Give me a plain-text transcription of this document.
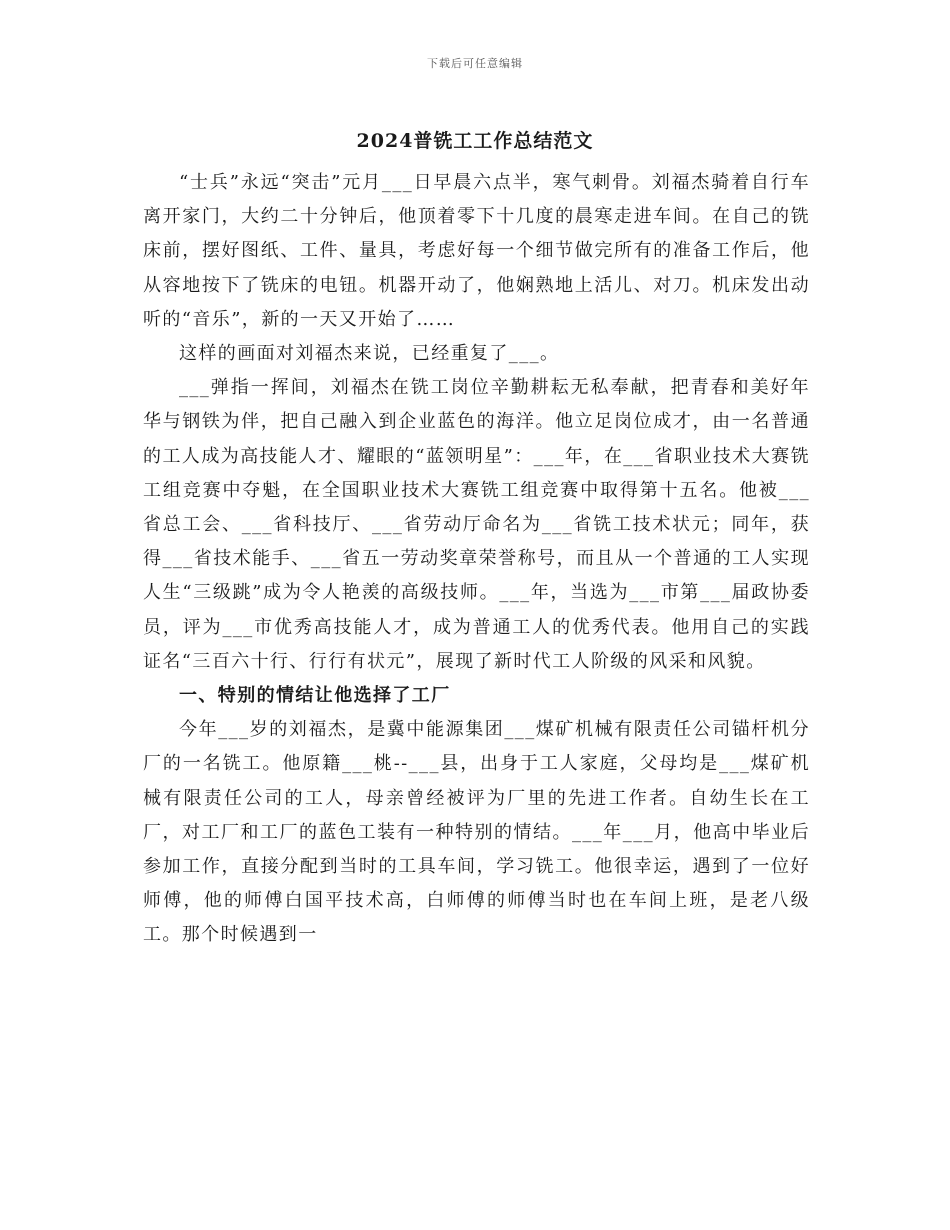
下载后可任意编辑
2024普铣工工作总结范文

“士兵”永远“突击”元月___日早晨六点半，寒气刺骨。刘福杰骑着自行车离开家门，大约二十分钟后，他顶着零下十几度的晨寒走进车间。在自己的铣床前，摆好图纸、工件、量具，考虑好每一个细节做完所有的准备工作后，他从容地按下了铣床的电钮。机器开动了，他娴熟地上活儿、对刀。机床发出动听的“音乐”，新的一天又开始了……

这样的画面对刘福杰来说，已经重复了___。

___弹指一挥间，刘福杰在铣工岗位辛勤耕耘无私奉献，把青春和美好年华与钢铁为伴，把自己融入到企业蓝色的海洋。他立足岗位成才，由一名普通的工人成为高技能人才、耀眼的“蓝领明星”：___年，在___省职业技术大赛铣工组竞赛中夺魁，在全国职业技术大赛铣工组竞赛中取得第十五名。他被___省总工会、___省科技厅、___省劳动厅命名为___省铣工技术状元；同年，获得___省技术能手、___省五一劳动奖章荣誉称号，而且从一个普通的工人实现人生“三级跳”成为令人艳羡的高级技师。___年，当选为___市第___届政协委员，评为___市优秀高技能人才，成为普通工人的优秀代表。他用自己的实践证名“三百六十行、行行有状元”，展现了新时代工人阶级的风采和风貌。

一、特别的情结让他选择了工厂

今年___岁的刘福杰，是冀中能源集团___煤矿机械有限责任公司锚杆机分厂的一名铣工。他原籍___桃--___县，出身于工人家庭，父母均是___煤矿机械有限责任公司的工人，母亲曾经被评为厂里的先进工作者。自幼生长在工厂，对工厂和工厂的蓝色工装有一种特别的情结。___年___月，他高中毕业后参加工作，直接分配到当时的工具车间，学习铣工。他很幸运，遇到了一位好师傅，他的师傅白国平技术高，白师傅的师傅当时也在车间上班，是老八级工。那个时候遇到一
